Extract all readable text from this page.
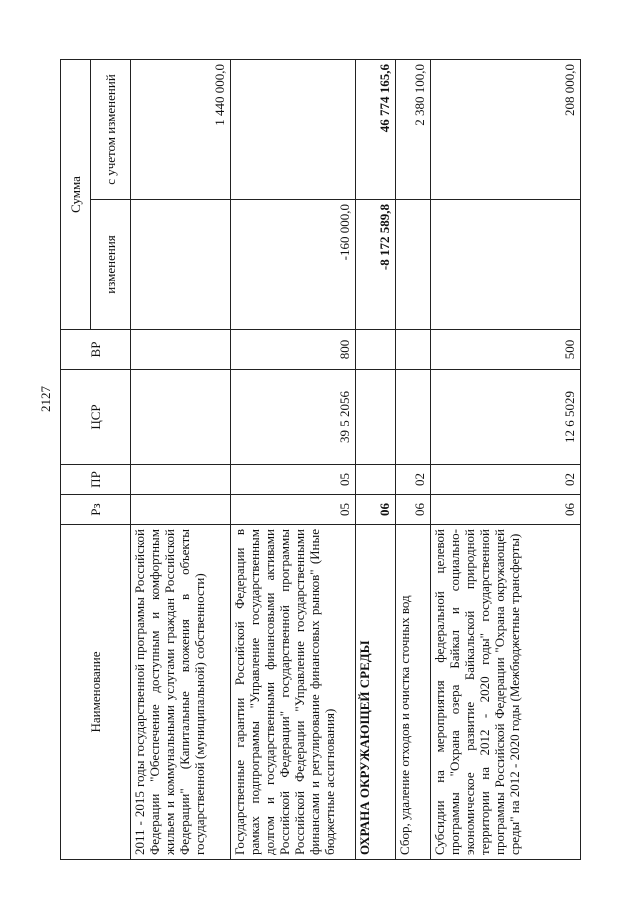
2127
Наименование	Рз	ПР	ЦСР	ВР	Сумма	
					изменения	с учетом изменений
2011 - 2015 годы государственной программы Российской Федерации "Обеспечение доступным и комфортным жильем и коммунальными услугами граждан Российской Федерации" (Капитальные вложения в объекты государственной (муниципальной) собственности)						1 440 000,0
Государственные гарантии Российской Федерации в рамках подпрограммы "Управление государственным долгом и государственными финансовыми активами Российской Федерации" государственной программы Российской Федерации "Управление государственными финансами и регулирование финансовых рынков" (Иные бюджетные ассигнования)	05	05	39 5 2056	800	-160 000,0	
ОХРАНА ОКРУЖАЮЩЕЙ СРЕДЫ	06				-8 172 589,8	46 774 165,6
Сбор, удаление отходов и очистка сточных вод	06	02				2 380 100,0
Субсидии на мероприятия федеральной целевой программы "Охрана озера Байкал и социально-экономическое развитие Байкальской природной территории на 2012 - 2020 годы" государственной программы Российской Федерации "Охрана окружающей среды" на 2012 - 2020 годы (Межбюджетные трансферты)	06	02	12 6 5029	500		208 000,0
